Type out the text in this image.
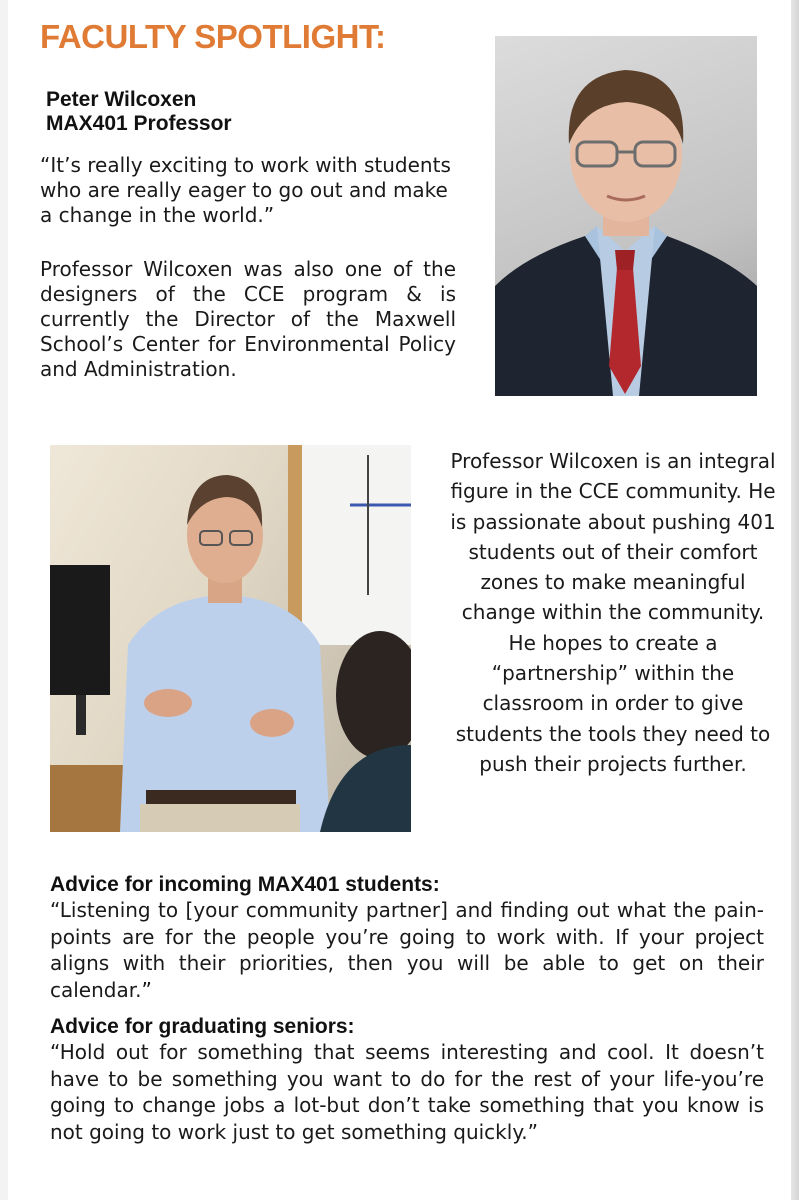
FACULTY SPOTLIGHT:

Peter Wilcoxen

MAX401 Professor

“It’s really exciting to work with students who are really eager to go out and make a change in the world.”

Professor Wilcoxen was also one of the designers of the CCE program & is currently the Director of the Maxwell School’s Center for Environmental Policy and Administration.

Professor Wilcoxen is an integral figure in the CCE community. He is passionate about pushing 401 students out of their comfort zones to make meaningful change within the community. He hopes to create a “partnership” within the classroom in order to give students the tools they need to push their projects further.

Advice for incoming MAX401 students:

“Listening to [your community partner] and finding out what the pain-points are for the people you’re going to work with. If your project aligns with their priorities, then you will be able to get on their calendar.”

Advice for graduating seniors:

“Hold out for something that seems interesting and cool. It doesn’t have to be something you want to do for the rest of your life-you’re going to change jobs a lot-but don’t take something that you know is not going to work just to get something quickly.”
